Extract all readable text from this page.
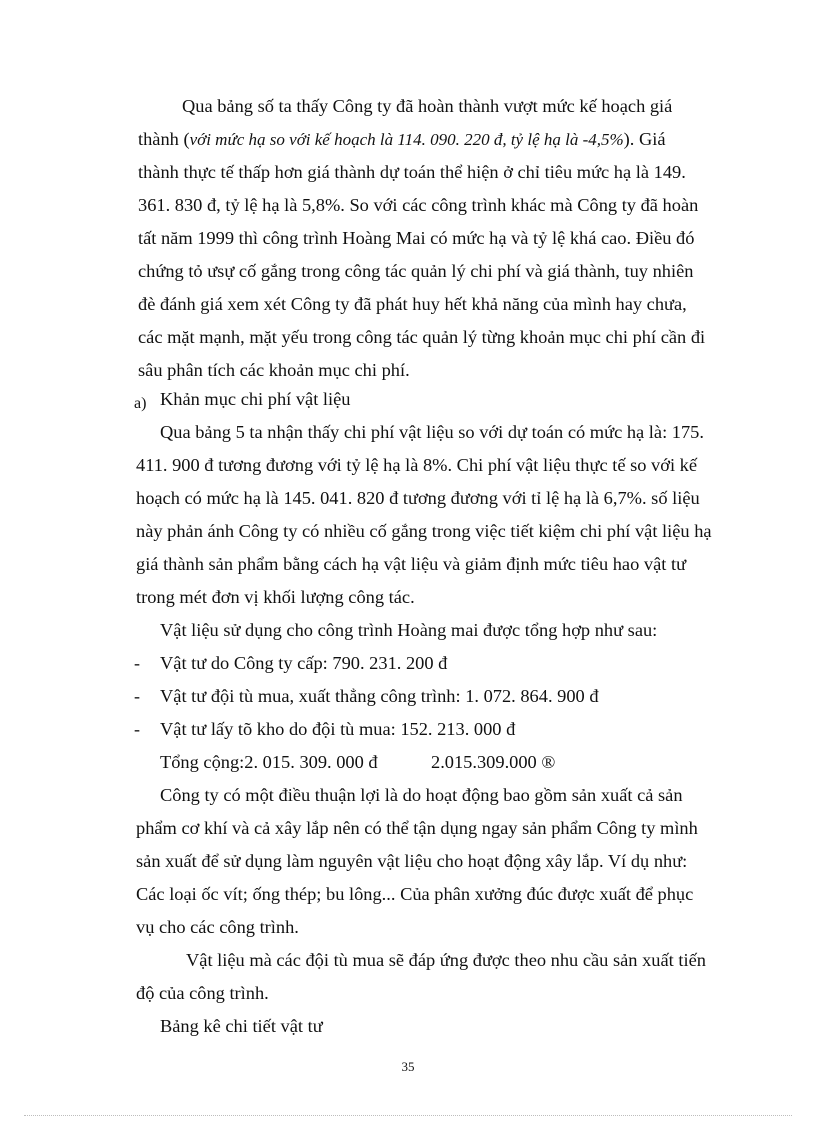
Qua bảng số ta thấy Công ty đã hoàn thành vượt mức kế hoạch giá
thành (với mức hạ so với kế hoạch là 114. 090. 220 đ, tỷ lệ hạ là -4,5%). Giá
thành thực tế thấp hơn giá thành dự toán thể hiện ở chỉ tiêu mức hạ là 149.
361. 830 đ, tỷ lệ hạ là 5,8%. So với các công trình khác mà Công ty đã hoàn
tất năm 1999 thì công trình Hoàng Mai có mức hạ và tỷ lệ khá cao. Điều đó
chứng tỏ ưsự cố gắng trong công tác quản lý chi phí và giá thành, tuy nhiên
đè đánh giá xem xét Công ty đã phát huy hết khả năng của mình hay chưa,
các mặt mạnh, mặt yếu trong công tác quản lý từng khoản mục chi phí cần đi
sâu phân tích các khoản mục chi phí.
a) Khản mục chi phí vật liệu
Qua bảng 5 ta nhận thấy chi phí vật liệu so với dự toán có mức hạ là: 175.
411. 900 đ tương đương với tỷ lệ hạ là 8%. Chi phí vật liệu thực tế so với kế
hoạch có mức hạ là 145. 041. 820 đ tương đương với tỉ lệ hạ là 6,7%. số liệu
này phản ánh Công ty có nhiều cố gắng trong việc tiết kiệm chi phí vật liệu hạ
giá thành sản phẩm bằng cách hạ vật liệu và giảm định mức tiêu hao vật tư
trong mét đơn vị khối lượng công tác.
Vật liệu sử dụng cho công trình Hoàng mai được tổng hợp như sau:
- Vật tư do Công ty cấp: 790. 231. 200 đ
- Vật tư đội tù mua, xuất thẳng công trình: 1. 072. 864. 900 đ
- Vật tư lấy tõ kho do đội tù mua: 152. 213. 000 đ
Tổng cộng:2. 015. 309. 000 đ	2.015.309.000 ®
Công ty có một điều thuận lợi là do hoạt động bao gồm sản xuất cả sản
phẩm cơ khí và cả xây lắp nên có thể tận dụng ngay sản phẩm Công ty mình
sản xuất để sử dụng làm nguyên vật liệu cho hoạt động xây lắp. Ví dụ như:
Các loại ốc vít; ống thép; bu lông... Của phân xưởng đúc được xuất để phục
vụ cho các công trình.
Vật liệu mà các đội tù mua sẽ đáp ứng được theo nhu cầu sản xuất tiến
độ của công trình.
Bảng kê chi tiết vật tư
35
